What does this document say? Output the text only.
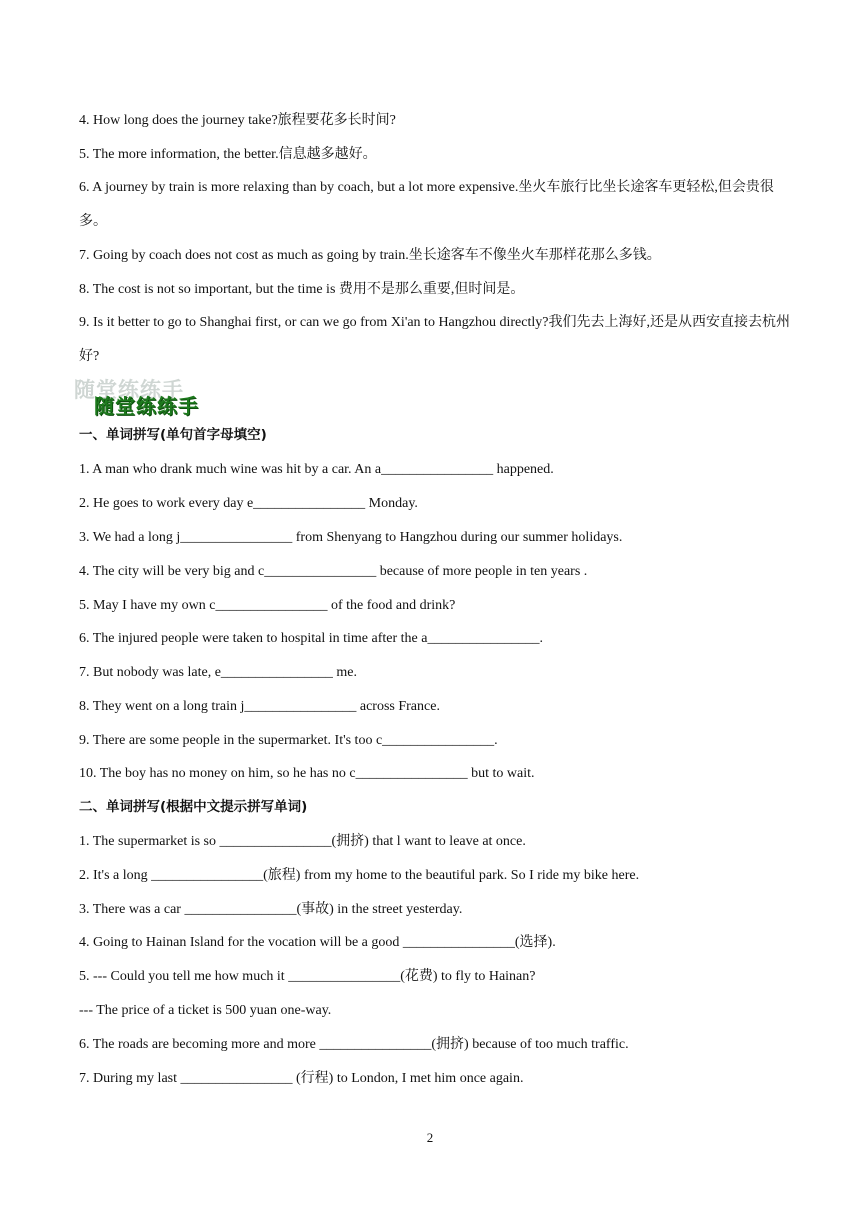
4. How long does the journey take?旅程要花多长时间?
5. The more information, the better.信息越多越好。
6. A journey by train is more relaxing than by coach, but a lot more expensive.坐火车旅行比坐长途客车更轻松,但会贵很多。
7. Going by coach does not cost as much as going by train.坐长途客车不像坐火车那样花那么多钱。
8. The cost is not so important, but the time is 费用不是那么重要,但时间是。
9. Is it better to go to Shanghai first, or can we go from Xi'an to Hangzhou directly?我们先去上海好,还是从西安直接去杭州好?
随堂练练手
随堂练练手
一、单词拼写(单句首字母填空)
1. A man who drank much wine was hit by a car. An a________________ happened.
2. He goes to work every day e________________ Monday.
3. We had a long j________________ from Shenyang to Hangzhou during our summer holidays.
4. The city will be very big and c________________ because of more people in ten years .
5. May I have my own c________________ of the food and drink?
6. The injured people were taken to hospital in time after the a________________.
7. But nobody was late, e________________ me.
8. They went on a long train j________________ across France.
9. There are some people in the supermarket. It's too c________________.
10. The boy has no money on him, so he has no c________________ but to wait.
二、单词拼写(根据中文提示拼写单词)
1. The supermarket is so ________________(拥挤) that l want to leave at once.
2. It's a long ________________(旅程) from my home to the beautiful park. So I ride my bike here.
3. There was a car ________________(事故) in the street yesterday.
4. Going to Hainan Island for the vocation will be a good ________________(选择).
5. --- Could you tell me how much it ________________(花费) to fly to Hainan?
--- The price of a ticket is 500 yuan one-way.
6. The roads are becoming more and more ________________(拥挤) because of too much traffic.
7. During my last ________________ (行程) to London, I met him once again.
2
